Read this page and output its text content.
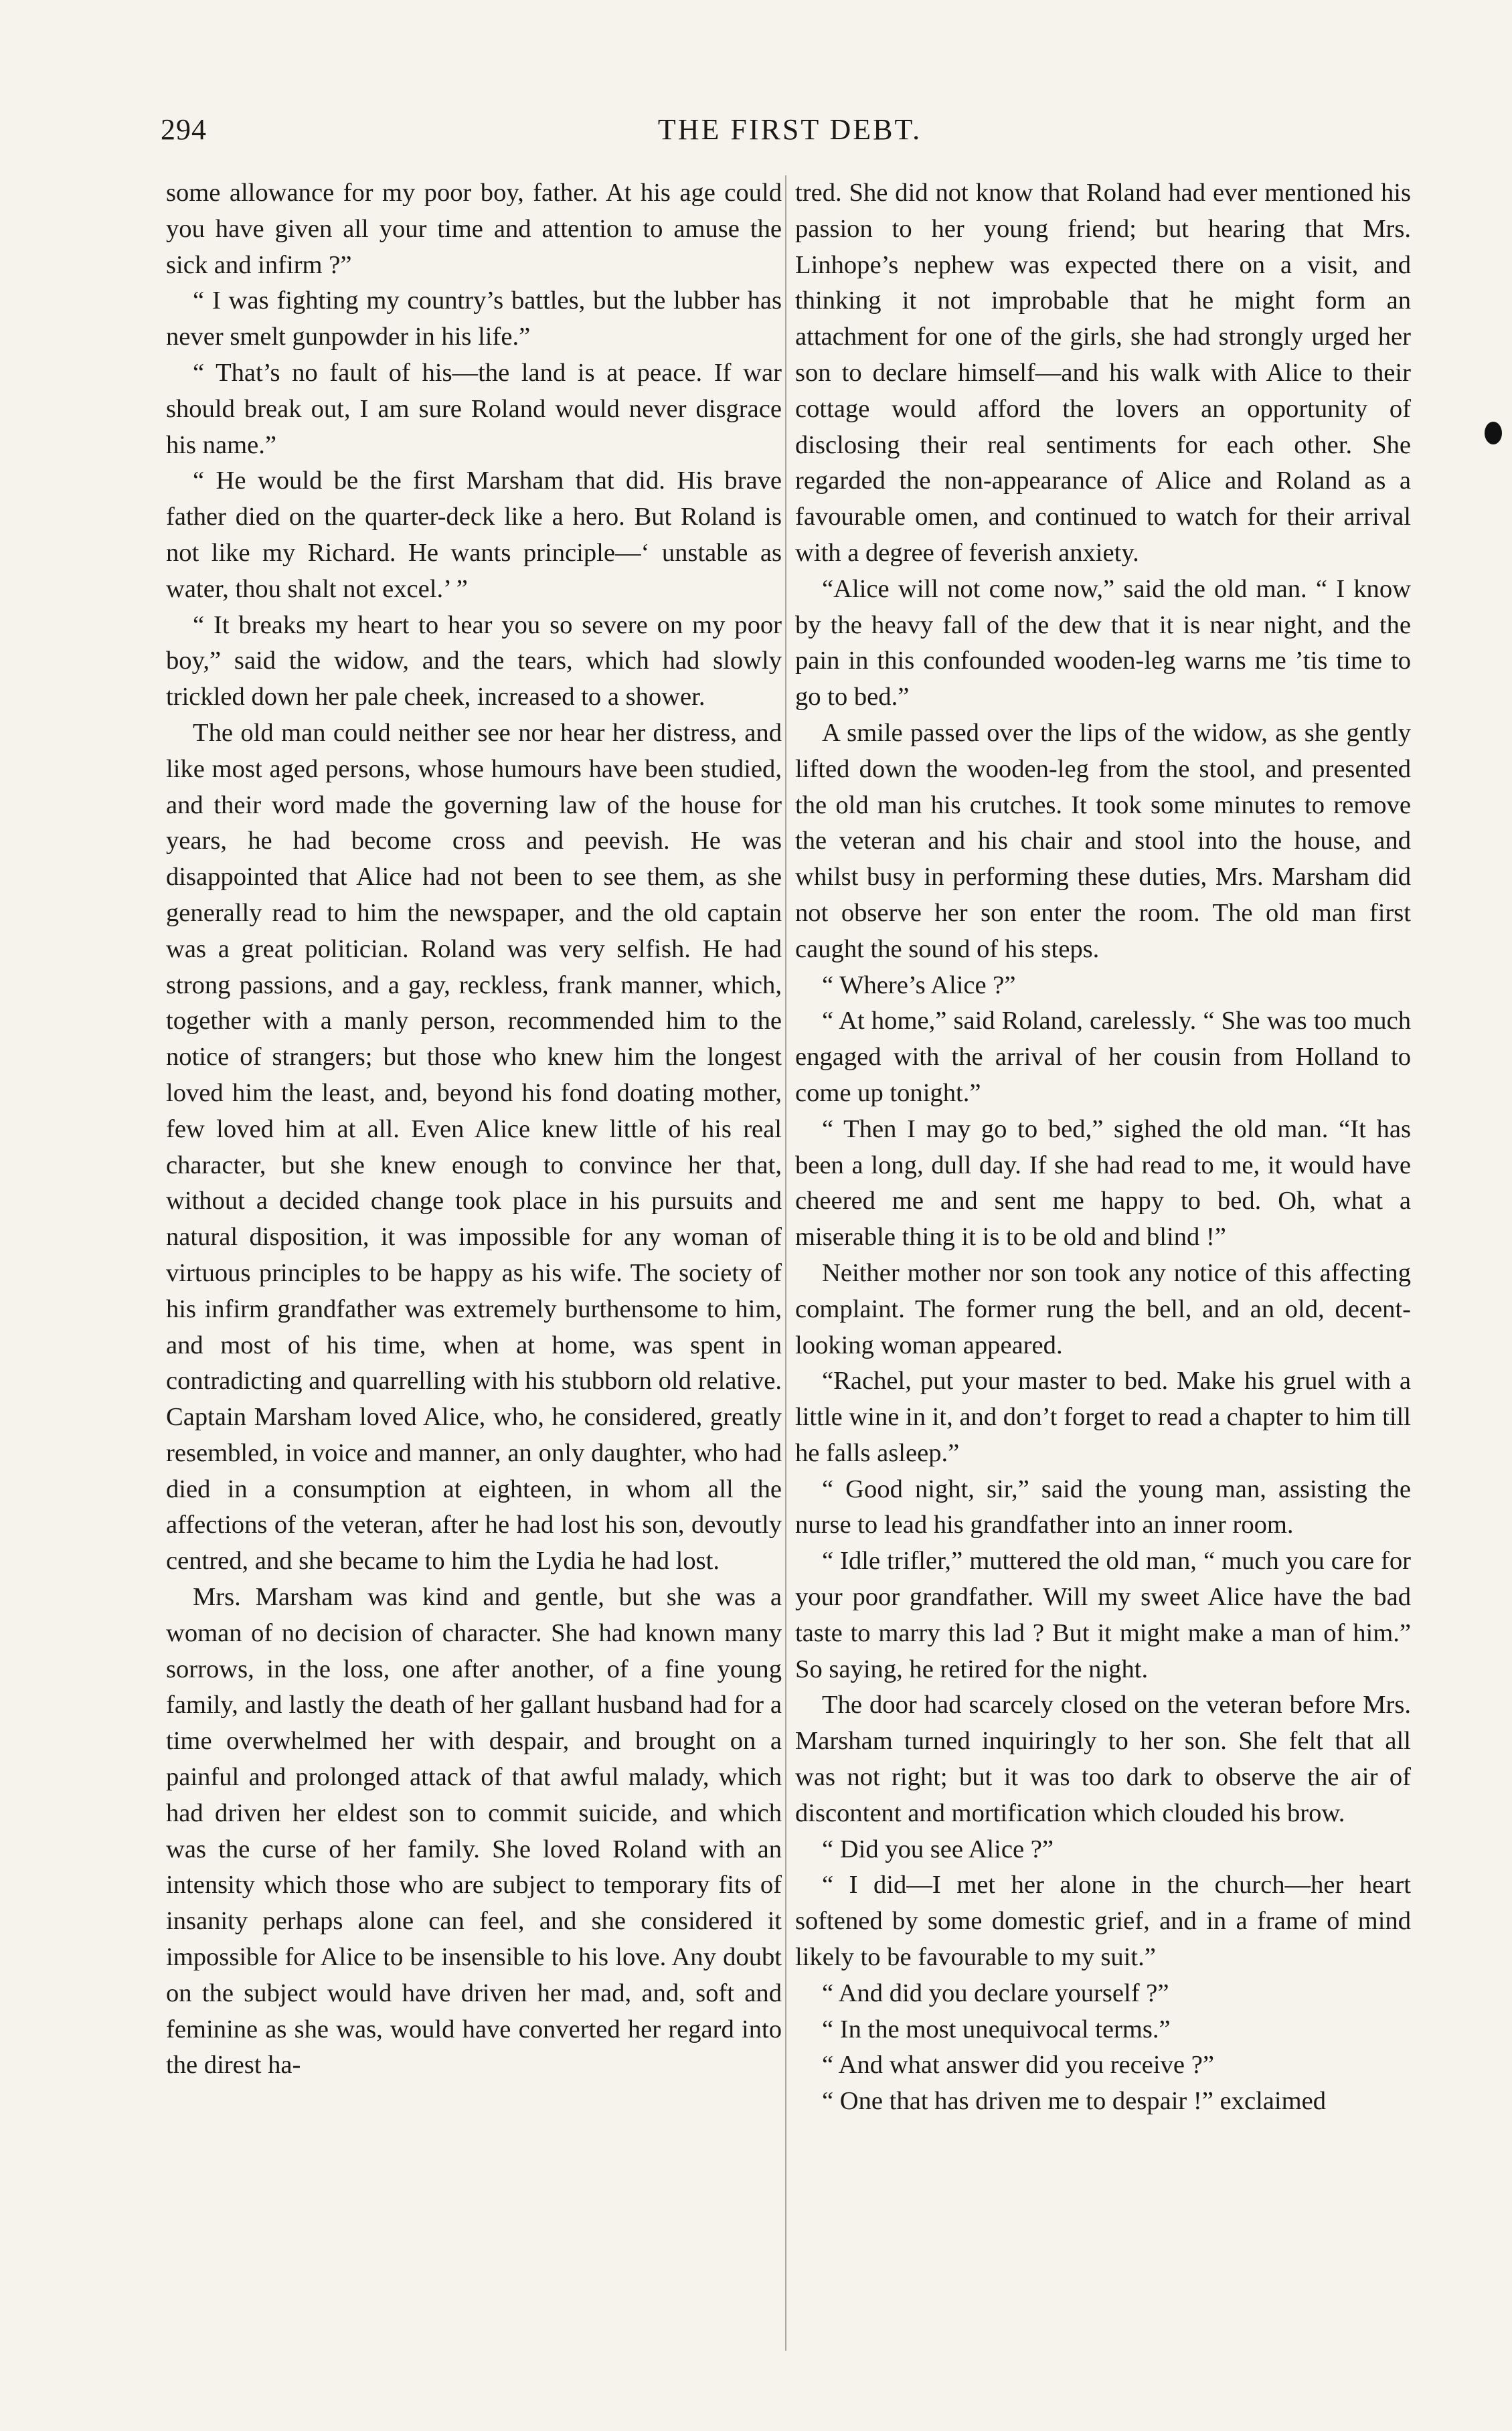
294	THE FIRST DEBT.

some allowance for my poor boy, father. At his age could you have given all your time and attention to amuse the sick and infirm ?”

“ I was fighting my country’s battles, but the lubber has never smelt gunpowder in his life.”

“ That’s no fault of his—the land is at peace. If war should break out, I am sure Roland would never disgrace his name.”

“ He would be the first Marsham that did. His brave father died on the quarter-deck like a hero. But Roland is not like my Richard. He wants principle—‘ unstable as water, thou shalt not excel.’ ”

“ It breaks my heart to hear you so severe on my poor boy,” said the widow, and the tears, which had slowly trickled down her pale cheek, increased to a shower.

The old man could neither see nor hear her distress, and like most aged persons, whose humours have been studied, and their word made the governing law of the house for years, he had become cross and peevish. He was disappointed that Alice had not been to see them, as she generally read to him the newspaper, and the old captain was a great politician. Roland was very selfish. He had strong passions, and a gay, reckless, frank manner, which, together with a manly person, recommended him to the notice of strangers; but those who knew him the longest loved him the least, and, beyond his fond doating mother, few loved him at all. Even Alice knew little of his real character, but she knew enough to convince her that, without a decided change took place in his pursuits and natural disposition, it was impossible for any woman of virtuous principles to be happy as his wife. The society of his infirm grandfather was extremely burthensome to him, and most of his time, when at home, was spent in contradicting and quarrelling with his stubborn old relative. Captain Marsham loved Alice, who, he considered, greatly resembled, in voice and manner, an only daughter, who had died in a consumption at eighteen, in whom all the affections of the veteran, after he had lost his son, devoutly centred, and she became to him the Lydia he had lost.

Mrs. Marsham was kind and gentle, but she was a woman of no decision of character. She had known many sorrows, in the loss, one after another, of a fine young family, and lastly the death of her gallant husband had for a time overwhelmed her with despair, and brought on a painful and prolonged attack of that awful malady, which had driven her eldest son to commit suicide, and which was the curse of her family. She loved Roland with an intensity which those who are subject to temporary fits of insanity perhaps alone can feel, and she considered it impossible for Alice to be insensible to his love. Any doubt on the subject would have driven her mad, and, soft and feminine as she was, would have converted her regard into the direst ha-

tred. She did not know that Roland had ever mentioned his passion to her young friend; but hearing that Mrs. Linhope’s nephew was expected there on a visit, and thinking it not improbable that he might form an attachment for one of the girls, she had strongly urged her son to declare himself—and his walk with Alice to their cottage would afford the lovers an opportunity of disclosing their real sentiments for each other. She regarded the non-appearance of Alice and Roland as a favourable omen, and continued to watch for their arrival with a degree of feverish anxiety.

“Alice will not come now,” said the old man. “ I know by the heavy fall of the dew that it is near night, and the pain in this confounded wooden-leg warns me ’tis time to go to bed.”

A smile passed over the lips of the widow, as she gently lifted down the wooden-leg from the stool, and presented the old man his crutches. It took some minutes to remove the veteran and his chair and stool into the house, and whilst busy in performing these duties, Mrs. Marsham did not observe her son enter the room. The old man first caught the sound of his steps.

“ Where’s Alice ?”

“ At home,” said Roland, carelessly. “ She was too much engaged with the arrival of her cousin from Holland to come up tonight.”

“ Then I may go to bed,” sighed the old man. “It has been a long, dull day. If she had read to me, it would have cheered me and sent me happy to bed. Oh, what a miserable thing it is to be old and blind !”

Neither mother nor son took any notice of this affecting complaint. The former rung the bell, and an old, decent-looking woman appeared.

“Rachel, put your master to bed. Make his gruel with a little wine in it, and don’t forget to read a chapter to him till he falls asleep.”

“ Good night, sir,” said the young man, assisting the nurse to lead his grandfather into an inner room.

“ Idle trifler,” muttered the old man, “ much you care for your poor grandfather. Will my sweet Alice have the bad taste to marry this lad ? But it might make a man of him.” So saying, he retired for the night.

The door had scarcely closed on the veteran before Mrs. Marsham turned inquiringly to her son. She felt that all was not right; but it was too dark to observe the air of discontent and mortification which clouded his brow.

“ Did you see Alice ?”

“ I did—I met her alone in the church—her heart softened by some domestic grief, and in a frame of mind likely to be favourable to my suit.”

“ And did you declare yourself ?”

“ In the most unequivocal terms.”

“ And what answer did you receive ?”

“ One that has driven me to despair !” exclaimed
